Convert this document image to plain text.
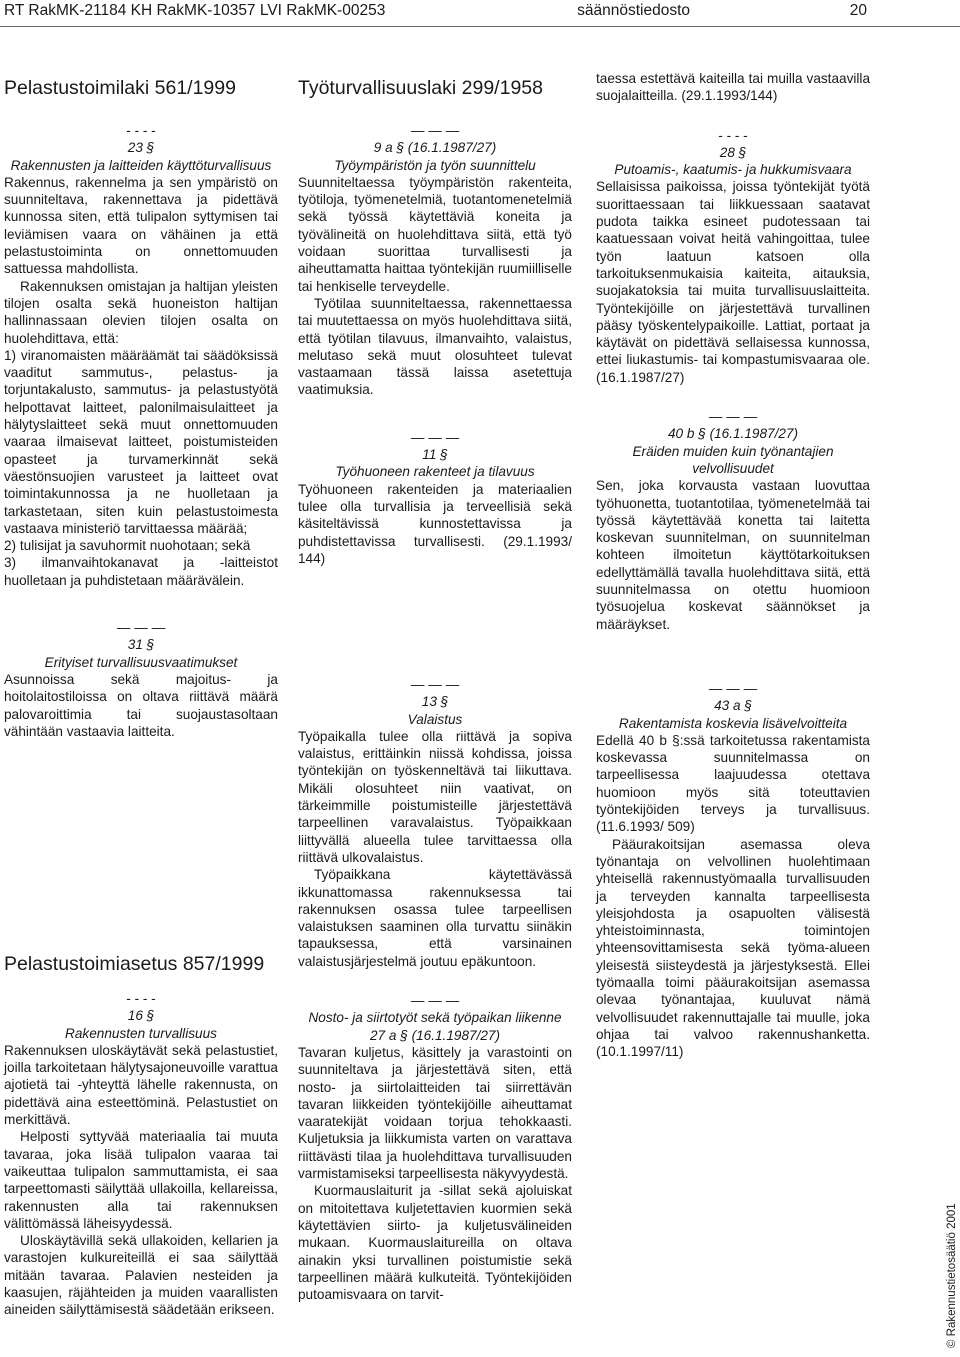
RT RakMK-21184 KH RakMK-10357 LVI RakMK-00253	säännöstiedosto	20
Pelastustoimilaki 561/1999
- - - -
23 §
Rakennusten ja laitteiden käyttöturvallisuus

Rakennus, rakennelma ja sen ympäristö on suunniteltava, rakennettava ja pidettävä kunnossa siten, että tulipalon syttymisen tai leviämisen vaara on vähäinen ja että pelastustoiminta on onnettomuuden sattuessa mahdollista.

Rakennuksen omistajan ja haltijan yleisten tilojen osalta sekä huoneiston haltijan hallinnassaan olevien tilojen osalta on huolehdittava, että:

1) viranomaisten määräämät tai säädöksissä vaaditut sammutus-, pelastus- ja torjuntakalusto, sammutus- ja pelastustyötä helpottavat laitteet, palonilmaisulaitteet ja hälytyslaitteet sekä muut onnettomuuden vaaraa ilmaisevat laitteet, poistumisteiden opasteet ja turvamerkinnät sekä väestönsuojien varusteet ja laitteet ovat toimintakunnossa ja ne huolletaan ja tarkastetaan, siten kuin pelastustoimesta vastaava ministeriö tarvittaessa määrää;

2) tulisijat ja savuhormit nuohotaan; sekä

3) ilmanvaihtokanavat ja -laitteistot huolletaan ja puhdistetaan määrävälein.

— — —
31 §
Erityiset turvallisuusvaatimukset

Asunnoissa sekä majoitus- ja hoitolaitostiloissa on oltava riittävä määrä palovaroittimia tai suojaustasoltaan vähintään vastaavia laitteita.

Pelastustoimiasetus 857/1999
- - - -
16 §
Rakennusten turvallisuus

Rakennuksen uloskäytävät sekä pelastustiet, joilla tarkoitetaan hälytysajoneuvoille varattua ajotietä tai -yhteyttä lähelle rakennusta, on pidettävä aina esteettöminä. Pelastustiet on merkittävä.

Helposti syttyvää materiaalia tai muuta tavaraa, joka lisää tulipalon vaaraa tai vaikeuttaa tulipalon sammuttamista, ei saa tarpeettomasti säilyttää ullakoilla, kellareissa, rakennusten alla tai rakennuksen välittömässä läheisyydessä.

Uloskäytävillä sekä ullakoiden, kellarien ja varastojen kulkureiteillä ei saa säilyttää mitään tavaraa. Palavien nesteiden ja kaasujen, räjähteiden ja muiden vaarallisten aineiden säilyttämisestä säädetään erikseen.

Työturvallisuuslaki 299/1958
— — —
9 a § (16.1.1987/27)
Työympäristön ja työn suunnittelu

Suunniteltaessa työympäristön rakenteita, työtiloja, työmenetelmiä, tuotantomenetelmiä sekä työssä käytettäviä koneita ja työvälineitä on huolehdittava siitä, että työ voidaan suorittaa turvallisesti ja aiheuttamatta haittaa työntekijän ruumiilliselle tai henkiselle terveydelle.

Työtilaa suunniteltaessa, rakennettaessa tai muutettaessa on myös huolehdittava siitä, että työtilan tilavuus, ilmanvaihto, valaistus, melutaso sekä muut olosuhteet tulevat vastaamaan tässä laissa asetettuja vaatimuksia.

— — —
11 §
Työhuoneen rakenteet ja tilavuus

Työhuoneen rakenteiden ja materiaalien tulee olla turvallisia ja terveellisiä sekä käsiteltävissä kunnostettavissa ja puhdistettavissa turvallisesti. (29.1.1993/ 144)

— — —
13 §
Valaistus

Työpaikalla tulee olla riittävä ja sopiva valaistus, erittäinkin niissä kohdissa, joissa työntekijän on työskenneltävä tai liikuttava. Mikäli olosuhteet niin vaativat, on tärkeimmille poistumisteille järjestettävä tarpeellinen varavalaistus. Työpaikkaan liittyvällä alueella tulee tarvittaessa olla riittävä ulkovalaistus.

Työpaikkana käytettävässä ikkunattomassa rakennuksessa tai rakennuksen osassa tulee tarpeellisen valaistuksen saaminen olla turvattu siinäkin tapauksessa, että varsinainen valaistusjärjestelmä joutuu epäkuntoon.

— — —
Nosto- ja siirtotyöt sekä työpaikan liikenne
27 a § (16.1.1987/27)

Tavaran kuljetus, käsittely ja varastointi on suunniteltava ja järjestettävä siten, että nosto- ja siirtolaitteiden tai siirrettävän tavaran liikkeiden työntekijöille aiheuttamat vaaratekijät voidaan torjua tehokkaasti. Kuljetuksia ja liikkumista varten on varattava riittävästi tilaa ja huolehdittava turvallisuuden varmistamiseksi tarpeellisesta näkyvyydestä.

Kuormauslaiturit ja -sillat sekä ajoluiskat on mitoitettava kuljetettavien kuormien sekä käytettävien siirto- ja kuljetusvälineiden mukaan. Kuormauslaitureilla on oltava ainakin yksi turvallinen poistumistie sekä tarpeellinen määrä kulkuteitä. Työntekijöiden putoamisvaara on tarvit-

taessa estettävä kaiteilla tai muilla vastaavilla suojalaitteilla. (29.1.1993/144)

- - - -
28 §
Putoamis-, kaatumis- ja hukkumisvaara

Sellaisissa paikoissa, joissa työntekijät työtä suorittaessaan tai liikkuessaan saatavat pudota taikka esineet pudotessaan tai kaatuessaan voivat heitä vahingoittaa, tulee työn laatuun katsoen olla tarkoituksenmukaisia kaiteita, aitauksia, suojakatoksia tai muita turvallisuuslaitteita. Työntekijöille on järjestettävä turvallinen pääsy työskentelypaikoille. Lattiat, portaat ja käytävät on pidettävä sellaisessa kunnossa, ettei liukastumis- tai kompastumisvaaraa ole. (16.1.1987/27)

— — —
40 b § (16.1.1987/27)
Eräiden muiden kuin työnantajien velvollisuudet

Sen, joka korvausta vastaan luovuttaa työhuonetta, tuotantotilaa, työmenetelmää tai työssä käytettävää konetta tai laitetta koskevan suunnitelman, on suunnitelman kohteen ilmoitetun käyttötarkoituksen edellyttämällä tavalla huolehdittava siitä, että suunnitelmassa on otettu huomioon työsuojelua koskevat säännökset ja määräykset.

— — —
43 a §
Rakentamista koskevia lisävelvoitteita

Edellä 40 b §:ssä tarkoitetussa rakentamista koskevassa suunnitelmassa on tarpeellisessa laajuudessa otettava huomioon myös sitä toteuttavien työntekijöiden terveys ja turvallisuus. (11.6.1993/ 509)

Pääurakoitsijan asemassa oleva työnantaja on velvollinen huolehtimaan yhteisellä rakennustyömaalla turvallisuuden ja terveyden kannalta tarpeellisesta yleisjohdosta ja osapuolten välisestä yhteistoiminnasta, toimintojen yhteensovittamisesta sekä työma-alueen yleisestä siisteydestä ja järjestyksestä. Ellei työmaalla toimi pääurakoitsijan asemassa olevaa työnantajaa, kuuluvat nämä velvollisuudet rakennuttajalle tai muulle, joka ohjaa tai valvoo rakennushanketta. (10.1.1997/11)

© Rakennustietosäätiö 2001
